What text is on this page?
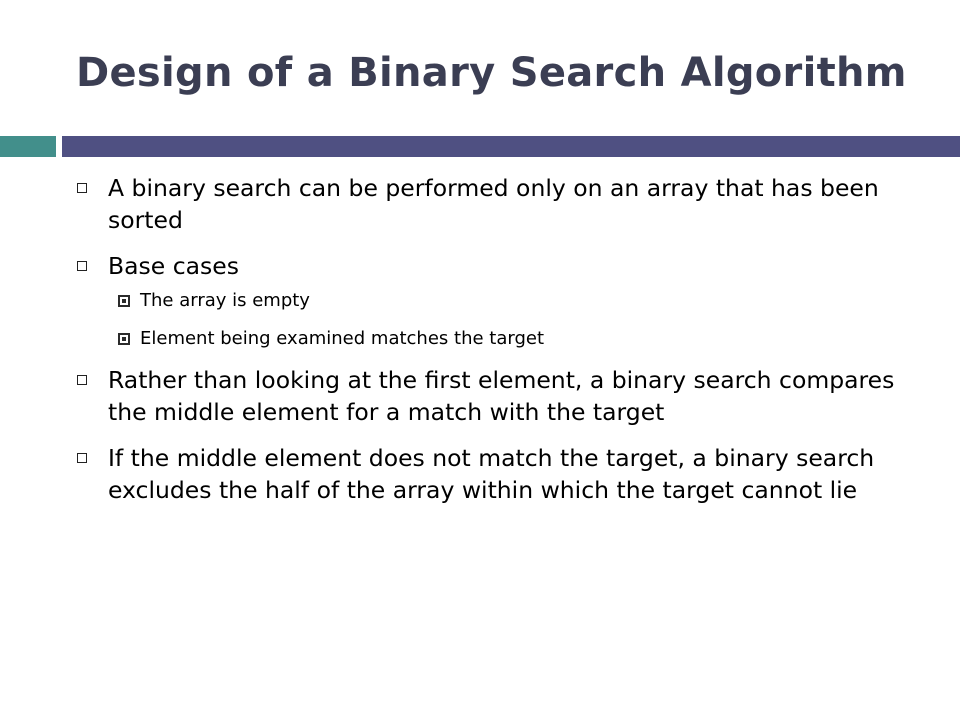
Design of a Binary Search Algorithm
A binary search can be performed only on an array that has been sorted
Base cases
The array is empty
Element being examined matches the target
Rather than looking at the first element, a binary search compares the middle element for a match with the target
If the middle element does not match the target, a binary search excludes the half of the array within which the target cannot lie
